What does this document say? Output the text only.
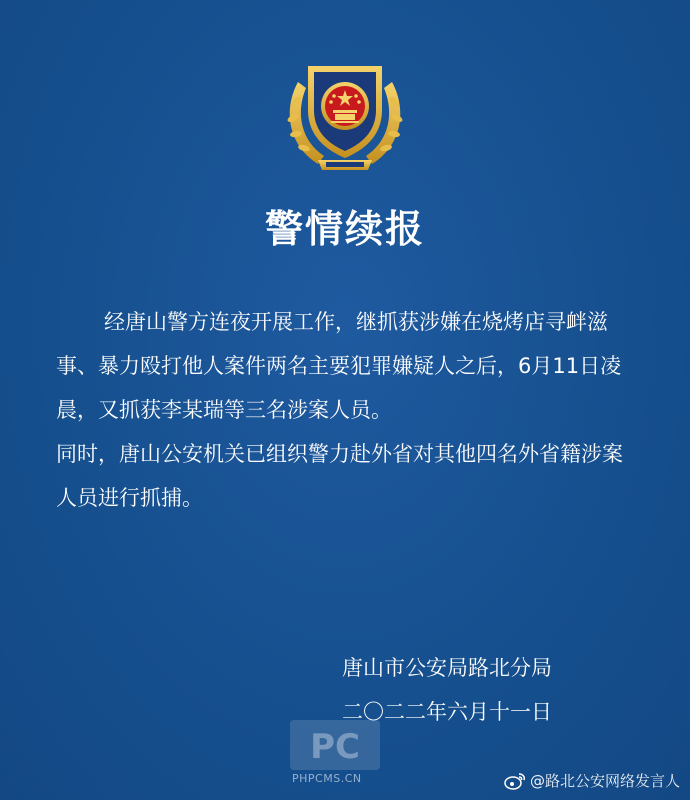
警情续报

经唐山警方连夜开展工作，继抓获涉嫌在烧烤店寻衅滋事、暴力殴打他人案件两名主要犯罪嫌疑人之后，6月11日凌晨，又抓获李某瑞等三名涉案人员。

同时，唐山公安机关已组织警力赴外省对其他四名外省籍涉案人员进行抓捕。

唐山市公安局路北分局
二〇二二年六月十一日
PC
PHPCMS.CN	@路北公安网络发言人
